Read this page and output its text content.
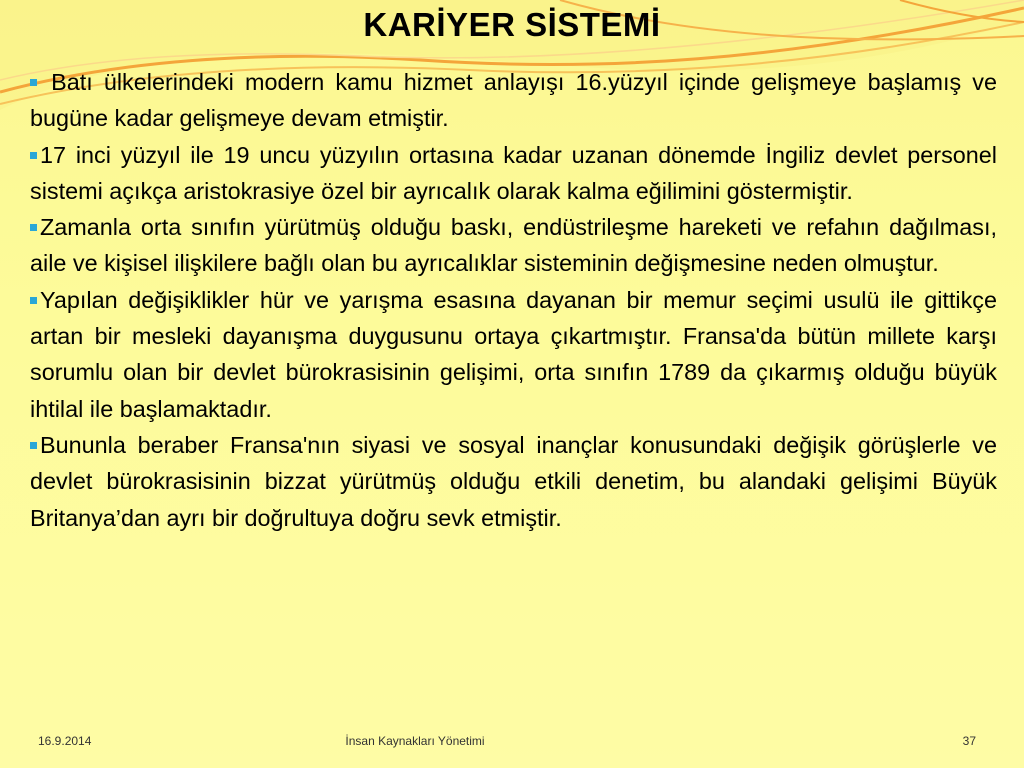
KARİYER SİSTEMİ

Batı ülkelerindeki modern kamu hizmet anlayışı 16.yüzyıl içinde gelişmeye başlamış ve bugüne kadar gelişmeye devam etmiştir.

17 inci yüzyıl ile 19 uncu yüzyılın ortasına kadar uzanan dönemde İngiliz devlet personel sistemi açıkça aristokrasiye özel bir ayrıcalık olarak kalma eğilimini göstermiştir.

Zamanla orta sınıfın yürütmüş olduğu baskı, endüstrileşme hareketi ve refahın dağılması, aile ve kişisel ilişkilere bağlı olan bu ayrıcalıklar sisteminin değişmesine neden olmuştur.

Yapılan değişiklikler hür ve yarışma esasına dayanan bir memur seçimi usulü ile gittikçe artan bir mesleki dayanışma duygusunu ortaya çıkartmıştır. Fransa'da bütün millete karşı sorumlu olan bir devlet bürokrasisinin gelişimi, orta sınıfın 1789 da çıkarmış olduğu büyük ihtilal ile başlamaktadır.

Bununla beraber Fransa'nın siyasi ve sosyal inançlar konusundaki değişik görüşlerle ve devlet bürokrasisinin bizzat yürütmüş olduğu etkili denetim, bu alandaki gelişimi Büyük Britanya’dan ayrı bir doğrultuya doğru sevk etmiştir.

16.9.2014	İnsan Kaynakları Yönetimi	37
